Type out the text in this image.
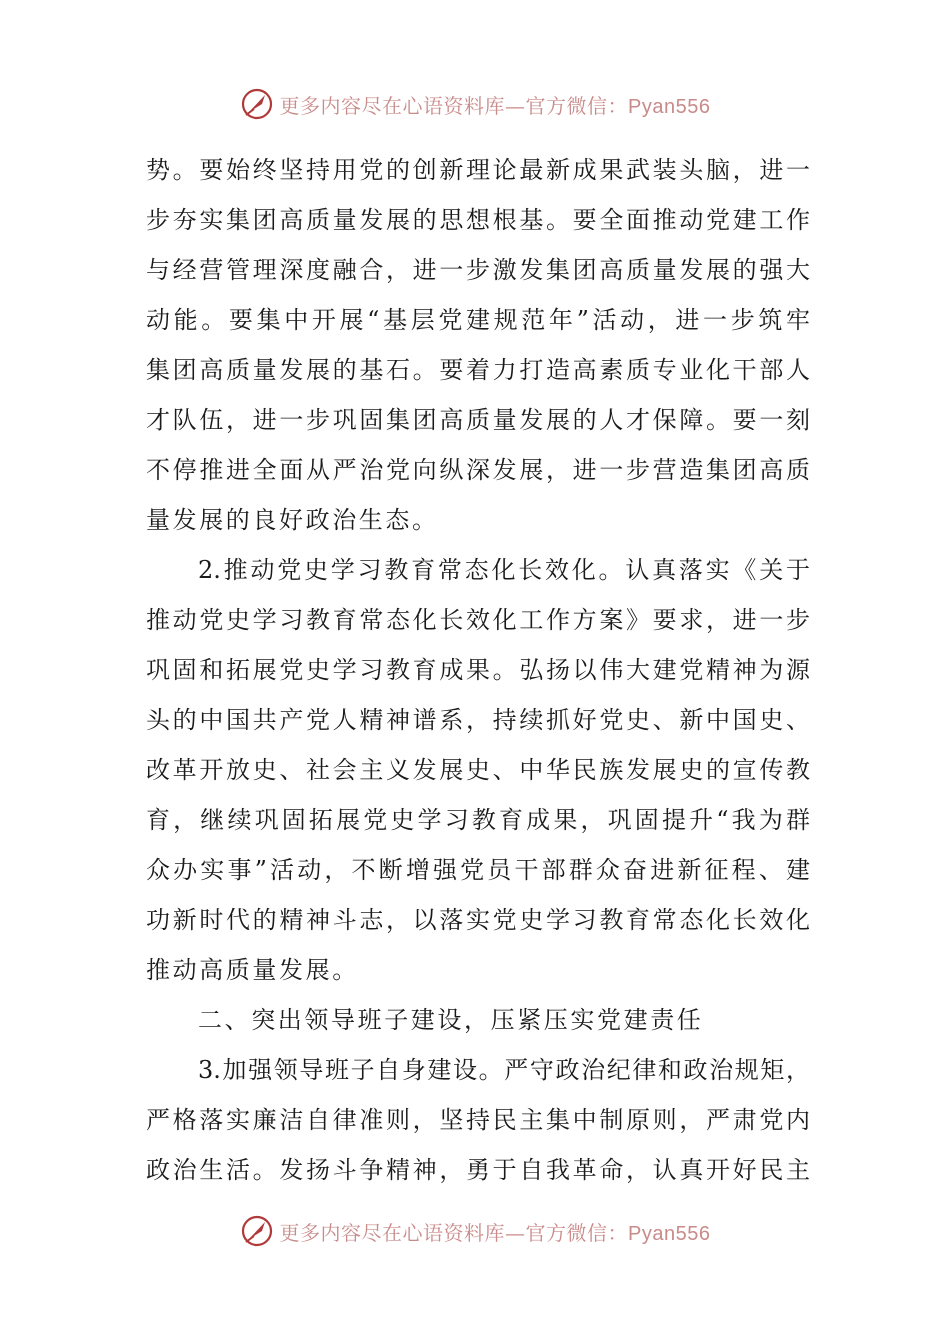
更多内容尽在心语资料库—官方微信：Pyan556
势。要始终坚持用党的创新理论最新成果武装头脑，进一
步夯实集团高质量发展的思想根基。要全面推动党建工作
与经营管理深度融合，进一步激发集团高质量发展的强大
动能。要集中开展“基层党建规范年”活动，进一步筑牢
集团高质量发展的基石。要着力打造高素质专业化干部人
才队伍，进一步巩固集团高质量发展的人才保障。要一刻
不停推进全面从严治党向纵深发展，进一步营造集团高质
量发展的良好政治生态。
2.推动党史学习教育常态化长效化。认真落实《关于
推动党史学习教育常态化长效化工作方案》要求，进一步
巩固和拓展党史学习教育成果。弘扬以伟大建党精神为源
头的中国共产党人精神谱系，持续抓好党史、新中国史、
改革开放史、社会主义发展史、中华民族发展史的宣传教
育，继续巩固拓展党史学习教育成果，巩固提升“我为群
众办实事”活动，不断增强党员干部群众奋进新征程、建
功新时代的精神斗志，以落实党史学习教育常态化长效化
推动高质量发展。
二、突出领导班子建设，压紧压实党建责任
3.加强领导班子自身建设。严守政治纪律和政治规矩，
严格落实廉洁自律准则，坚持民主集中制原则，严肃党内
政治生活。发扬斗争精神，勇于自我革命，认真开好民主
更多内容尽在心语资料库—官方微信：Pyan556
